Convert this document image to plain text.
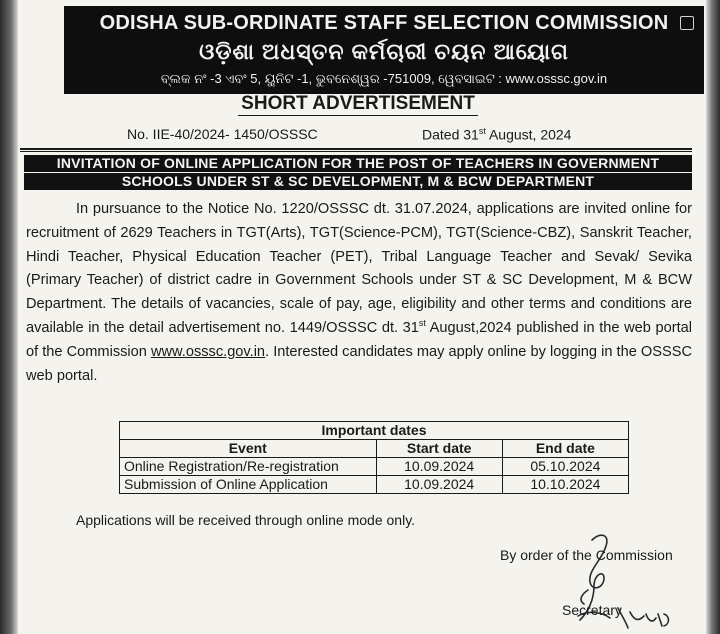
ODISHA SUB-ORDINATE STAFF SELECTION COMMISSION
ଓଡ଼ିଶା ଅଧସ୍ତନ କର୍ମଚାରୀ ଚୟନ ଆୟୋଗ
ବ୍ଲକ ନଂ -3 ଏବଂ 5, ୟୁନିଟ -1, ଭୁବନେଶ୍ୱର -751009, ୱେବସାଇଟ : www.osssc.gov.in
SHORT ADVERTISEMENT
No. IIE-40/2024- 1450/OSSSC	Dated 31st August, 2024
INVITATION OF ONLINE APPLICATION FOR THE POST OF TEACHERS IN GOVERNMENT
SCHOOLS UNDER ST & SC DEVELOPMENT, M & BCW DEPARTMENT

In pursuance to the Notice No. 1220/OSSSC dt. 31.07.2024, applications are invited online for recruitment of 2629 Teachers in TGT(Arts), TGT(Science-PCM), TGT(Science-CBZ), Sanskrit Teacher, Hindi Teacher, Physical Education Teacher (PET), Tribal Language Teacher and Sevak/ Sevika (Primary Teacher) of district cadre in Government Schools under ST & SC Development, M & BCW Department. The details of vacancies, scale of pay, age, eligibility and other terms and conditions are available in the detail advertisement no. 1449/OSSSC dt. 31st August,2024 published in the web portal of the Commission www.osssc.gov.in. Interested candidates may apply online by logging in the OSSSC web portal.

Important dates		
Event	Start date	End date
Online Registration/Re-registration	10.09.2024	05.10.2024
Submission of Online Application	10.09.2024	10.10.2024
Applications will be received through online mode only.
By order of the Commission
Secretary
